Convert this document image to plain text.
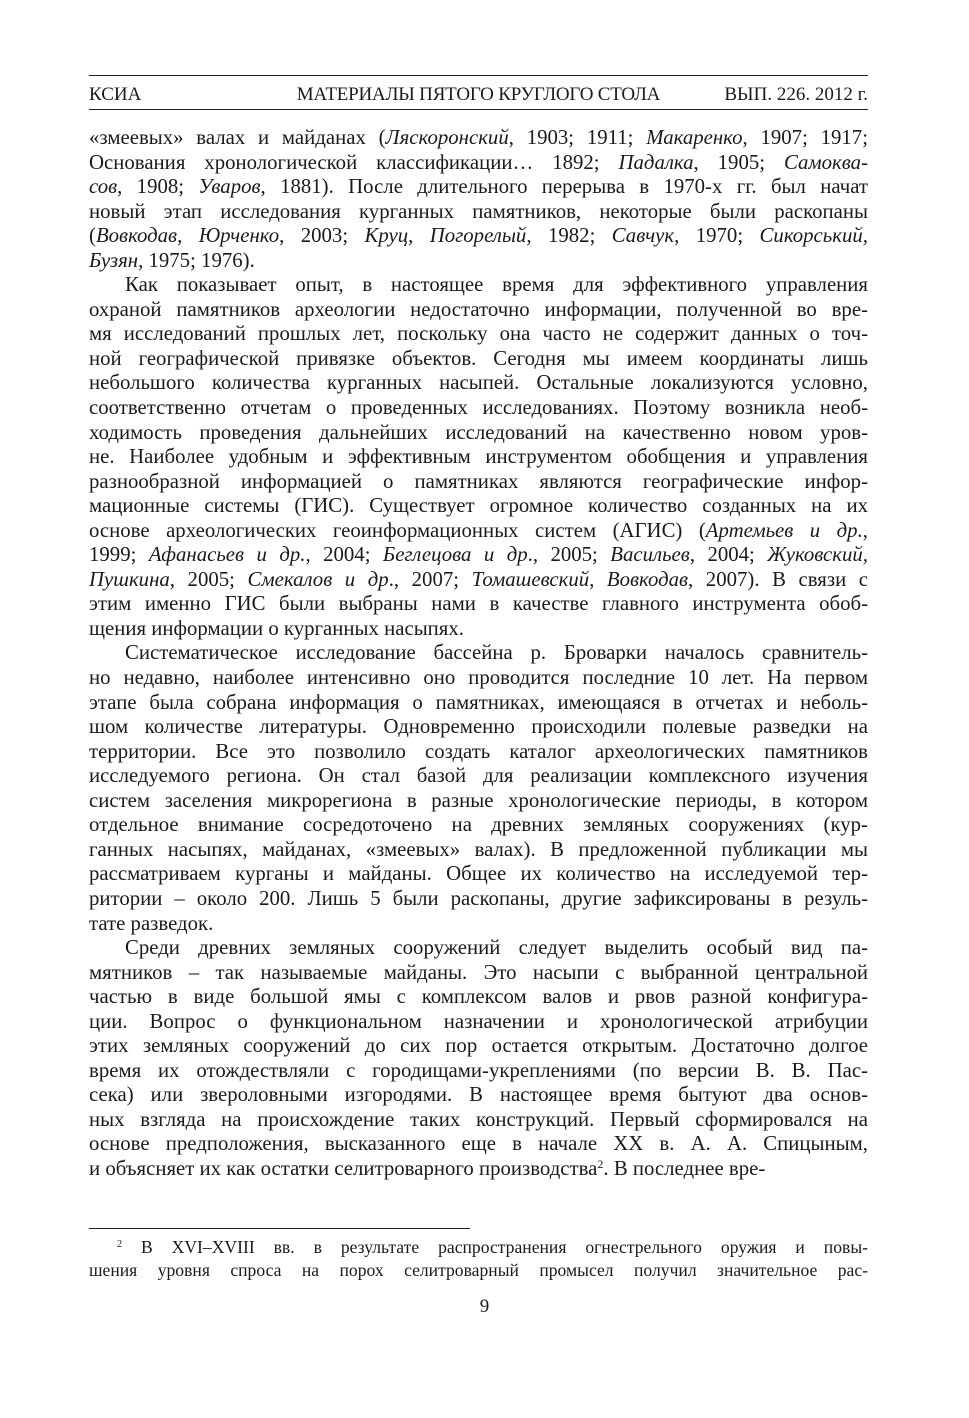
КСИА	МАТЕРИАЛЫ ПЯТОГО КРУГЛОГО СТОЛА	ВЫП. 226. 2012 г.

«змеевых» валах и майданах (Ляскоронский, 1903; 1911; Макаренко, 1907; 1917;
Основания хронологической классификации… 1892; Падалка, 1905; Самоква-
сов, 1908; Уваров, 1881). После длительного перерыва в 1970-х гг. был начат
новый этап исследования курганных памятников, некоторые были раскопаны
(Вовкодав, Юрченко, 2003; Круц, Погорелый, 1982; Савчук, 1970; Сикорський,
Бузян, 1975; 1976).

Как показывает опыт, в настоящее время для эффективного управления
охраной памятников археологии недостаточно информации, полученной во вре-
мя исследований прошлых лет, поскольку она часто не содержит данных о точ-
ной географической привязке объектов. Сегодня мы имеем координаты лишь
небольшого количества курганных насыпей. Остальные локализуются условно,
соответственно отчетам о проведенных исследованиях. Поэтому возникла необ-
ходимость проведения дальнейших исследований на качественно новом уров-
не. Наиболее удобным и эффективным инструментом обобщения и управления
разнообразной информацией о памятниках являются географические инфор-
мационные системы (ГИС). Существует огромное количество созданных на их
основе археологических геоинформационных систем (АГИС) (Артемьев и др.,
1999; Афанасьев и др., 2004; Беглецова и др., 2005; Васильев, 2004; Жуковский,
Пушкина, 2005; Смекалов и др., 2007; Томашевский, Вовкодав, 2007). В связи с
этим именно ГИС были выбраны нами в качестве главного инструмента обоб-
щения информации о курганных насыпях.

Систематическое исследование бассейна р. Броварки началось сравнитель-
но недавно, наиболее интенсивно оно проводится последние 10 лет. На первом
этапе была собрана информация о памятниках, имеющаяся в отчетах и неболь-
шом количестве литературы. Одновременно происходили полевые разведки на
территории. Все это позволило создать каталог археологических памятников
исследуемого региона. Он стал базой для реализации комплексного изучения
систем заселения микрорегиона в разные хронологические периоды, в котором
отдельное внимание сосредоточено на древних земляных сооружениях (кур-
ганных насыпях, майданах, «змеевых» валах). В предложенной публикации мы
рассматриваем курганы и майданы. Общее их количество на исследуемой тер-
ритории – около 200. Лишь 5 были раскопаны, другие зафиксированы в резуль-
тате разведок.

Среди древних земляных сооружений следует выделить особый вид па-
мятников – так называемые майданы. Это насыпи с выбранной центральной
частью в виде большой ямы с комплексом валов и рвов разной конфигура-
ции. Вопрос о функциональном назначении и хронологической атрибуции
этих земляных сооружений до сих пор остается открытым. Достаточно долгое
время их отождествляли с городищами-укреплениями (по версии В. В. Пас-
сека) или звероловными изгородями. В настоящее время бытуют два основ-
ных взгляда на происхождение таких конструкций. Первый сформировался на
основе предположения, высказанного еще в начале XX в. А. А. Спицыным,
и объясняет их как остатки селитроварного производства$^2$. В последнее вре-

$^2$ В XVI–XVIII вв. в результате распространения огнестрельного оружия и повы-
шения уровня спроса на порох селитроварный промысел получил значительное рас-
9
